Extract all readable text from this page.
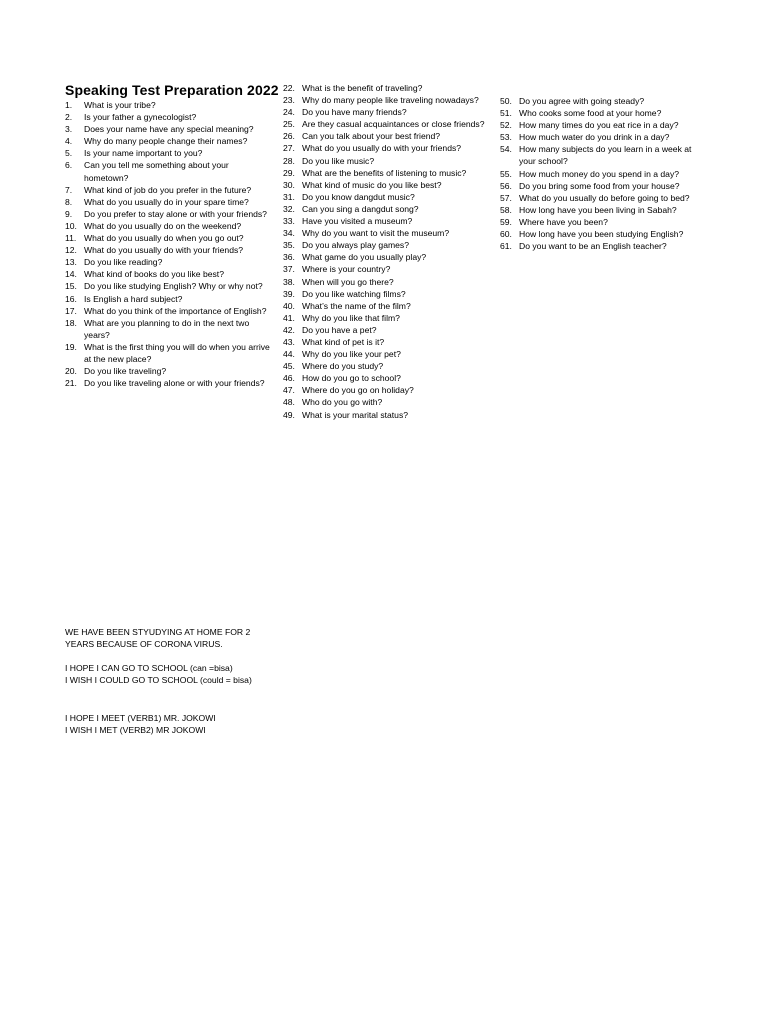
Speaking Test Preparation 2022
1.	What is your tribe?
2.	Is your father a gynecologist?
3.	Does your name have any special meaning?
4.	Why do many people change their names?
5.	Is your name important to you?
6.	Can you tell me something about your hometown?
7.	What kind of job do you prefer in the future?
8.	What do you usually do in your spare time?
9.	Do you prefer to stay alone or with your friends?
10. What do you usually do on the weekend?
11. What do you usually do when you go out?
12. What do you usually do with your friends?
13. Do you like reading?
14. What kind of books do you like best?
15. Do you like studying English? Why or why not?
16. Is English a hard subject?
17. What do you think of the importance of English?
18. What are you planning to do in the next two years?
19. What is the first thing you will do when you arrive at the new place?
20. Do you like traveling?
21. Do you like traveling alone or with your friends?
22. What is the benefit of traveling?
23. Why do many people like traveling nowadays?
24. Do you have many friends?
25. Are they casual acquaintances or close friends?
26. Can you talk about your best friend?
27. What do you usually do with your friends?
28. Do you like music?
29. What are the benefits of listening to music?
30. What kind of music do you like best?
31. Do you know dangdut music?
32. Can you sing a dangdut song?
33. Have you visited a museum?
34. Why do you want to visit the museum?
35. Do you always play games?
36. What game do you usually play?
37. Where is your country?
38. When will you go there?
39. Do you like watching films?
40. What’s the name of the film?
41. Why do you like that film?
42. Do you have a pet?
43. What kind of pet is it?
44. Why do you like your pet?
45. Where do you study?
46. How do you go to school?
47. Where do you go on holiday?
48. Who do you go with?
49. What is your marital status?
50. Do you agree with going steady?
51. Who cooks some food at your home?
52. How many times do you eat rice in a day?
53. How much water do you drink in a day?
54. How many subjects do you learn in a week at your school?
55. How much money do you spend in a day?
56. Do you bring some food from your house?
57. What do you usually do before going to bed?
58. How long have you been living in Sabah?
59. Where have you been?
60. How long have you been studying English?
61. Do you want to be an English teacher?
WE HAVE BEEN STYUDYING AT HOME FOR 2
YEARS BECAUSE OF CORONA VIRUS.
I HOPE I CAN GO TO SCHOOL (can =bisa)
I WISH I COULD GO TO SCHOOL (could = bisa)
I HOPE I MEET (VERB1) MR. JOKOWI
I WISH I MET (VERB2) MR JOKOWI
